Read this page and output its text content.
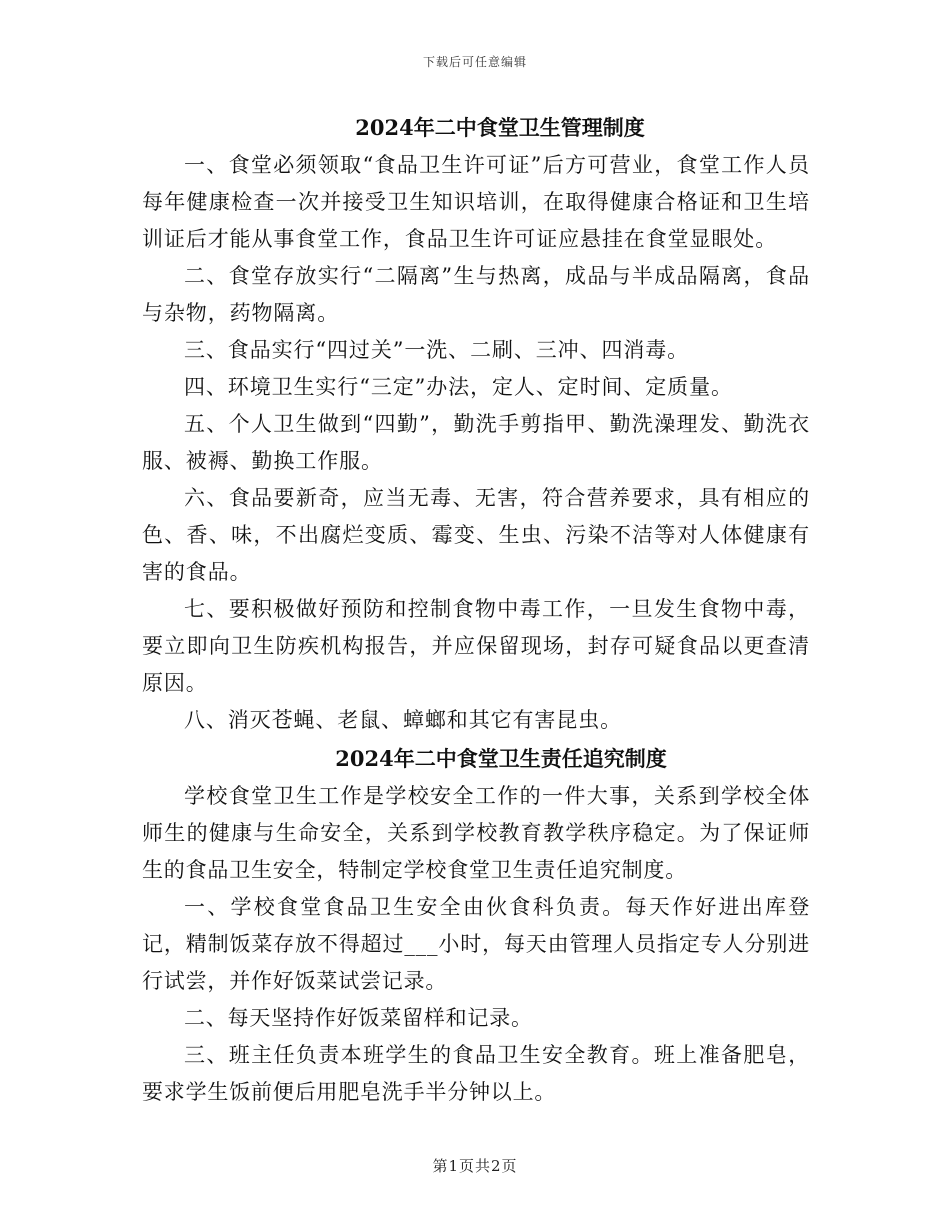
下载后可任意编辑
2024年二中食堂卫生管理制度

一、食堂必须领取“食品卫生许可证”后方可营业，食堂工作人员每年健康检查一次并接受卫生知识培训，在取得健康合格证和卫生培训证后才能从事食堂工作，食品卫生许可证应悬挂在食堂显眼处。

二、食堂存放实行“二隔离”生与热离，成品与半成品隔离，食品与杂物，药物隔离。

三、食品实行“四过关”一洗、二刷、三冲、四消毒。

四、环境卫生实行“三定”办法，定人、定时间、定质量。

五、个人卫生做到“四勤”，勤洗手剪指甲、勤洗澡理发、勤洗衣服、被褥、勤换工作服。

六、食品要新奇，应当无毒、无害，符合营养要求，具有相应的色、香、味，不出腐烂变质、霉变、生虫、污染不洁等对人体健康有害的食品。

七、要积极做好预防和控制食物中毒工作，一旦发生食物中毒，要立即向卫生防疾机构报告，并应保留现场，封存可疑食品以更查清原因。

八、消灭苍蝇、老鼠、蟑螂和其它有害昆虫。

2024年二中食堂卫生责任追究制度

学校食堂卫生工作是学校安全工作的一件大事，关系到学校全体师生的健康与生命安全，关系到学校教育教学秩序稳定。为了保证师生的食品卫生安全，特制定学校食堂卫生责任追究制度。

一、学校食堂食品卫生安全由伙食科负责。每天作好进出库登记，精制饭菜存放不得超过___小时，每天由管理人员指定专人分别进行试尝，并作好饭菜试尝记录。

二、每天坚持作好饭菜留样和记录。

三、班主任负责本班学生的食品卫生安全教育。班上准备肥皂，要求学生饭前便后用肥皂洗手半分钟以上。

第1页共2页
